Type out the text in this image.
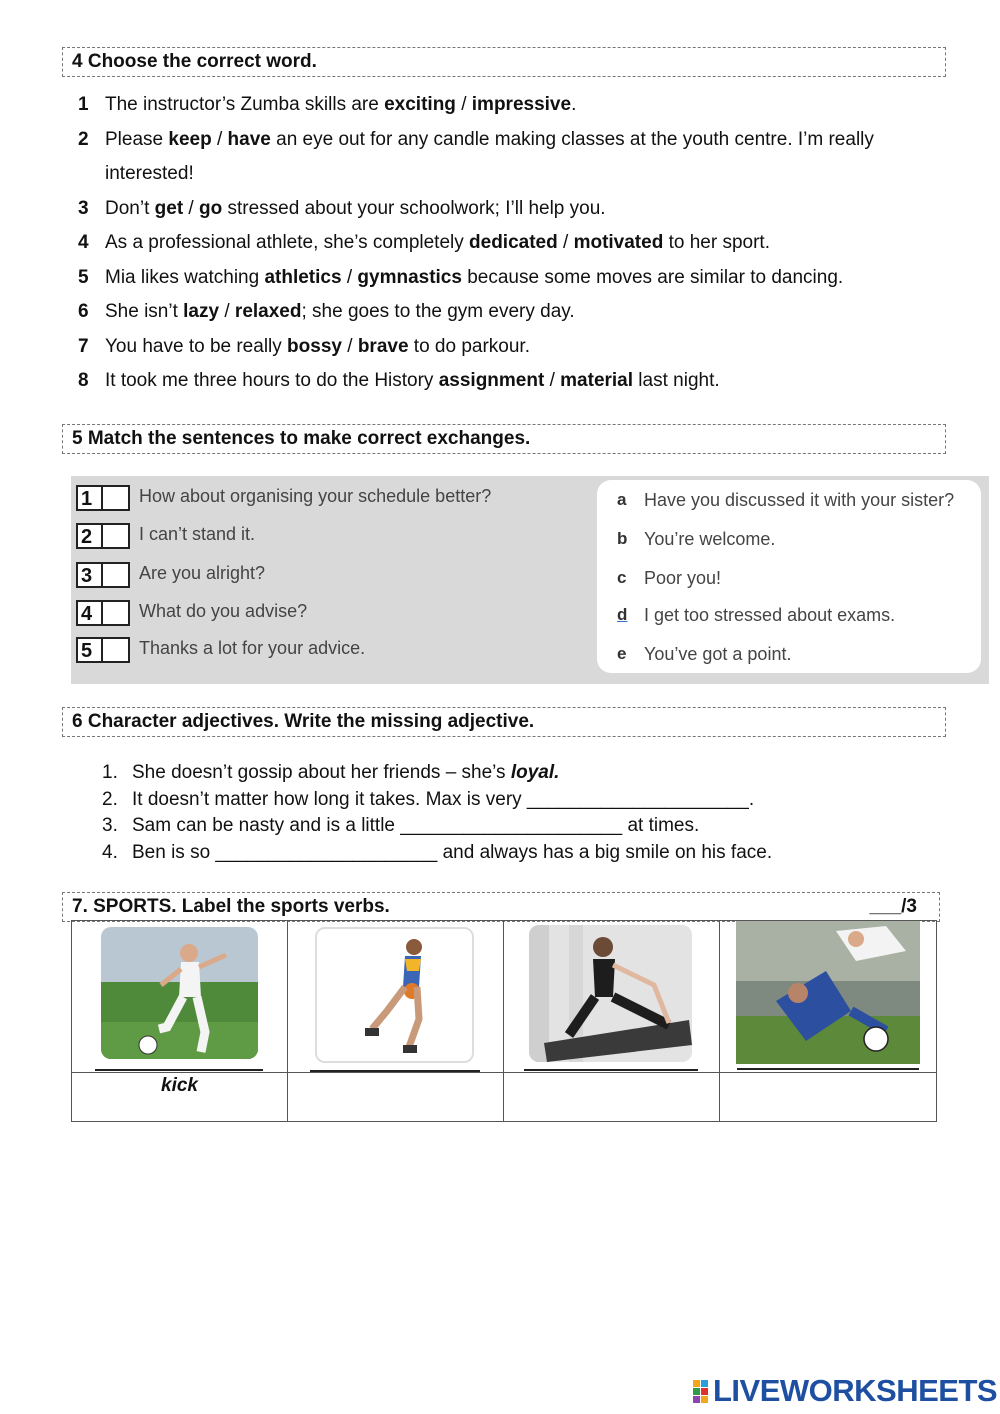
4 Choose the correct word.
1 The instructor’s Zumba skills are exciting / impressive.
2 Please keep / have an eye out for any candle making classes at the youth centre. I’m really interested!
3 Don’t get / go stressed about your schoolwork; I’ll help you.
4 As a professional athlete, she’s completely dedicated / motivated to her sport.
5 Mia likes watching athletics / gymnastics because some moves are similar to dancing.
6 She isn’t lazy / relaxed; she goes to the gym every day.
7 You have to be really bossy / brave to do parkour.
8 It took me three hours to do the History assignment / material last night.
5 Match the sentences to make correct exchanges.
1	How about organising your schedule better?
2	I can’t stand it.
3	Are you alright?
4	What do you advise?
5	Thanks a lot for your advice.
a Have you discussed it with your sister?
b You’re welcome.
c Poor you!
d I get too stressed about exams.
e You’ve got a point.
6 Character adjectives. Write the missing adjective.
1. She doesn’t gossip about her friends – she’s loyal.
2. It doesn’t matter how long it takes. Max is very _____________________.
3. Sam can be nasty and is a little _____________________ at times.
4. Ben is so _____________________ and always has a big smile on his face.
7. SPORTS. Label the sports verbs.	___/3

kick			
LIVEWORKSHEETS
